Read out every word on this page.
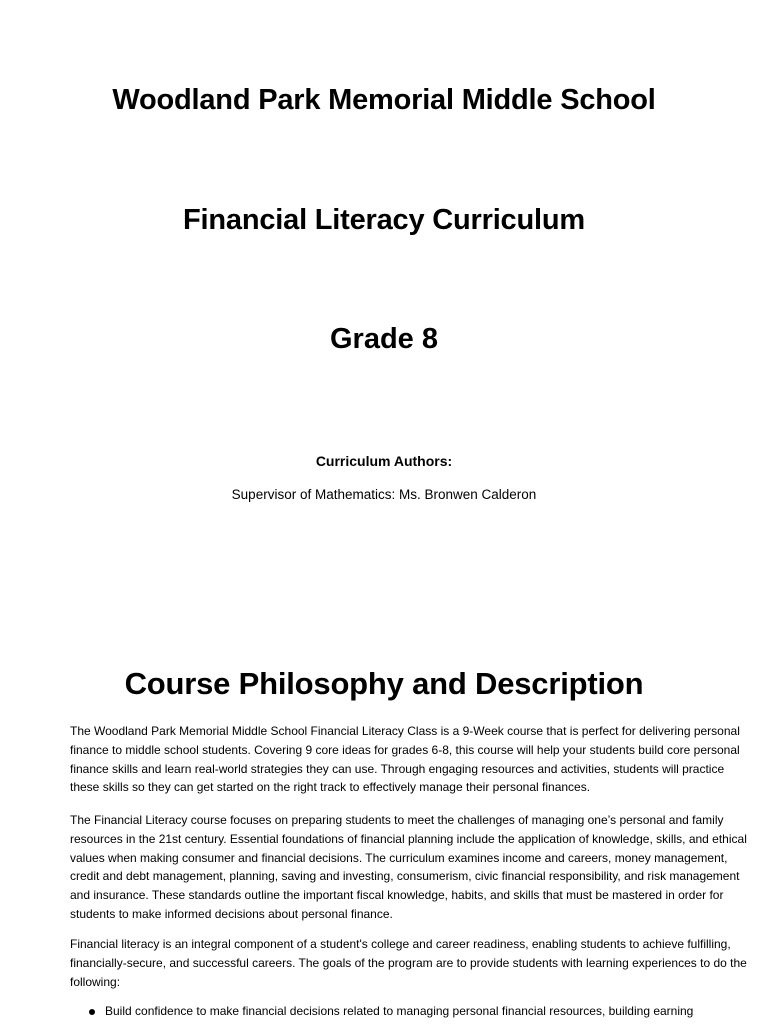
Woodland Park Memorial Middle School
Financial Literacy Curriculum
Grade 8
Curriculum Authors:
Supervisor of Mathematics: Ms. Bronwen Calderon
Course Philosophy and Description

The Woodland Park Memorial Middle School Financial Literacy Class is a 9-Week course that is perfect for delivering personal finance to middle school students. Covering 9 core ideas for grades 6-8, this course will help your students build core personal finance skills and learn real-world strategies they can use. Through engaging resources and activities, students will practice these skills so they can get started on the right track to effectively manage their personal finances.

The Financial Literacy course focuses on preparing students to meet the challenges of managing one’s personal and family resources in the 21st century. Essential foundations of financial planning include the application of knowledge, skills, and ethical values when making consumer and financial decisions. The curriculum examines income and careers, money management, credit and debt management, planning, saving and investing, consumerism, civic financial responsibility, and risk management and insurance. These standards outline the important fiscal knowledge, habits, and skills that must be mastered in order for students to make informed decisions about personal finance.

Financial literacy is an integral component of a student's college and career readiness, enabling students to achieve fulfilling, financially-secure, and successful careers. The goals of the program are to provide students with learning experiences to do the following:

Build confidence to make financial decisions related to managing personal financial resources, building earning
